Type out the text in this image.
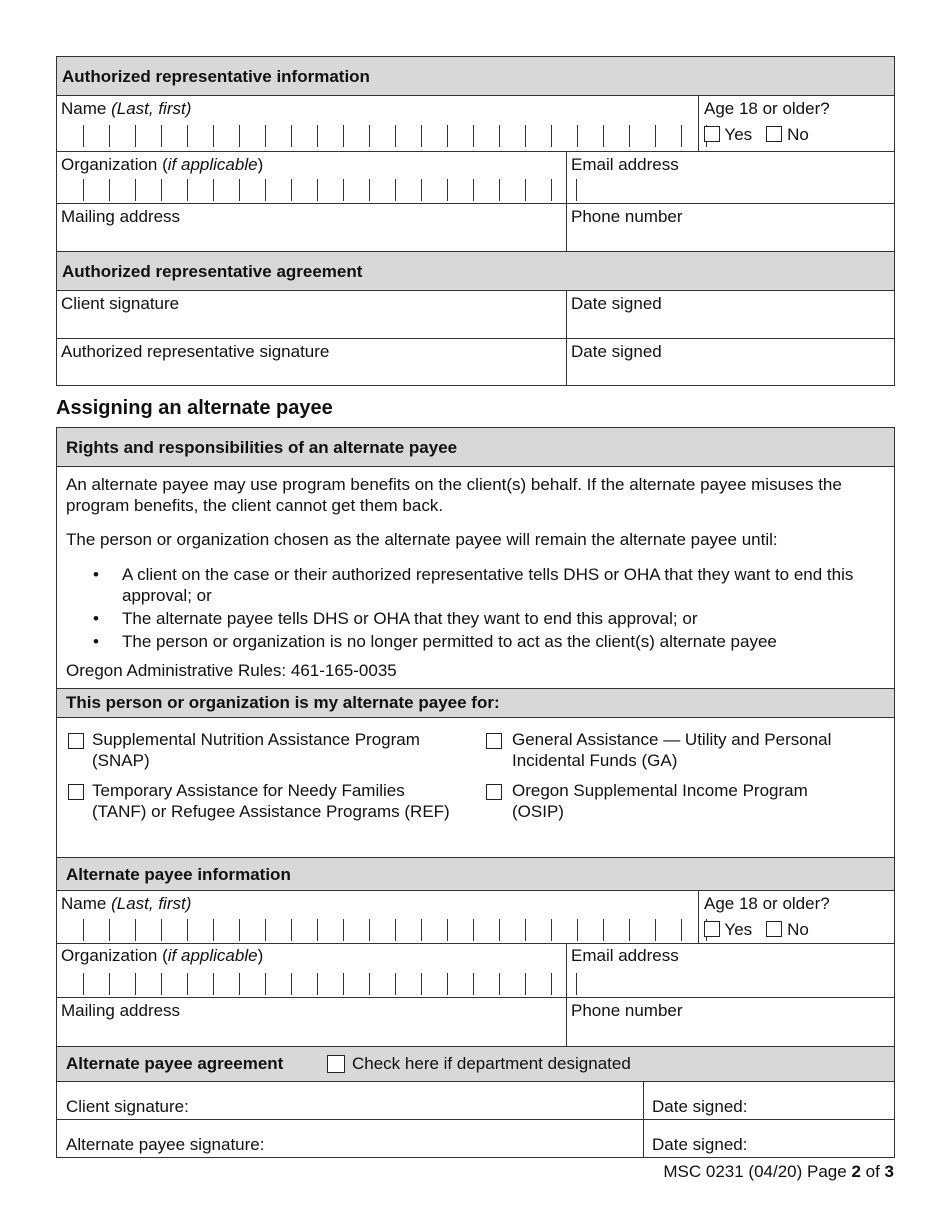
Authorized representative information
Name (Last, first)	Age 18 or older?
Yes No
Organization (if applicable)	Email address
Mailing address	Phone number
Authorized representative agreement
Client signature	Date signed
Authorized representative signature	Date signed
Assigning an alternate payee
Rights and responsibilities of an alternate payee
An alternate payee may use program benefits on the client(s) behalf. If the alternate payee misuses the program benefits, the client cannot get them back.
The person or organization chosen as the alternate payee will remain the alternate payee until:
• A client on the case or their authorized representative tells DHS or OHA that they want to end this approval; or
• The alternate payee tells DHS or OHA that they want to end this approval; or
• The person or organization is no longer permitted to act as the client(s) alternate payee
Oregon Administrative Rules: 461-165-0035
This person or organization is my alternate payee for:
Supplemental Nutrition Assistance Program (SNAP)
General Assistance — Utility and Personal Incidental Funds (GA)
Temporary Assistance for Needy Families (TANF) or Refugee Assistance Programs (REF)
Oregon Supplemental Income Program (OSIP)
Alternate payee information
Name (Last, first)	Age 18 or older?
Yes No
Organization (if applicable)	Email address
Mailing address	Phone number
Alternate payee agreement	Check here if department designated
Client signature:	Date signed:
Alternate payee signature:	Date signed:
MSC 0231 (04/20) Page 2 of 3
